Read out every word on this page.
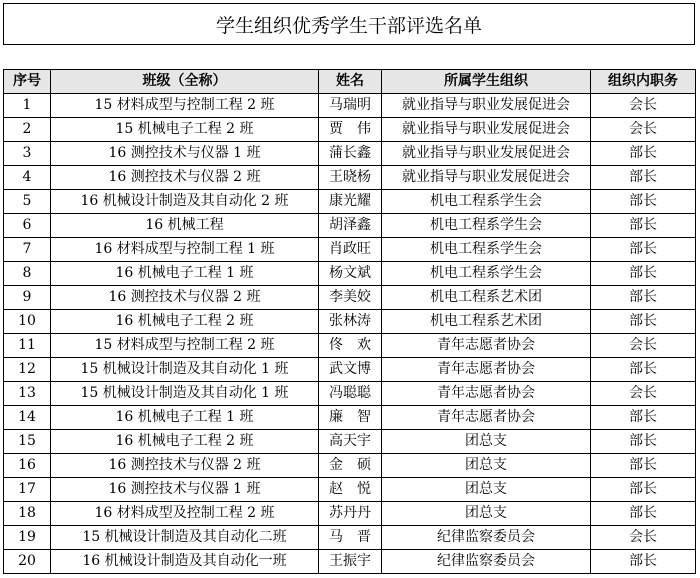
学生组织优秀学生干部评选名单
序号	班级（全称）	姓名	所属学生组织	组织内职务
1	15 材料成型与控制工程 2 班	马瑞明	就业指导与职业发展促进会	会长
2	15 机械电子工程 2 班	贾　伟	就业指导与职业发展促进会	会长
3	16 测控技术与仪器 1 班	蒲长鑫	就业指导与职业发展促进会	部长
4	16 测控技术与仪器 2 班	王晓杨	就业指导与职业发展促进会	部长
5	16 机械设计制造及其自动化 2 班	康光耀	机电工程系学生会	部长
6	16 机械工程	胡泽鑫	机电工程系学生会	部长
7	16 材料成型与控制工程 1 班	肖政旺	机电工程系学生会	部长
8	16 机械电子工程 1 班	杨文斌	机电工程系学生会	部长
9	16 测控技术与仪器 2 班	李美姣	机电工程系艺术团	部长
10	16 机械电子工程 2 班	张林涛	机电工程系艺术团	部长
11	15 材料成型与控制工程 2 班	佟　欢	青年志愿者协会	会长
12	15 机械设计制造及其自动化 1 班	武文博	青年志愿者协会	部长
13	15 机械设计制造及其自动化 1 班	冯聪聪	青年志愿者协会	会长
14	16 机械电子工程 1 班	廉　智	青年志愿者协会	部长
15	16 机械电子工程 2 班	高天宇	团总支	部长
16	16 测控技术与仪器 2 班	金　硕	团总支	部长
17	16 测控技术与仪器 1 班	赵　悦	团总支	部长
18	16 材料成型及控制工程 2 班	苏丹丹	团总支	部长
19	15 机械设计制造及其自动化二班	马　晋	纪律监察委员会	会长
20	16 机械设计制造及其自动化一班	王振宇	纪律监察委员会	部长
